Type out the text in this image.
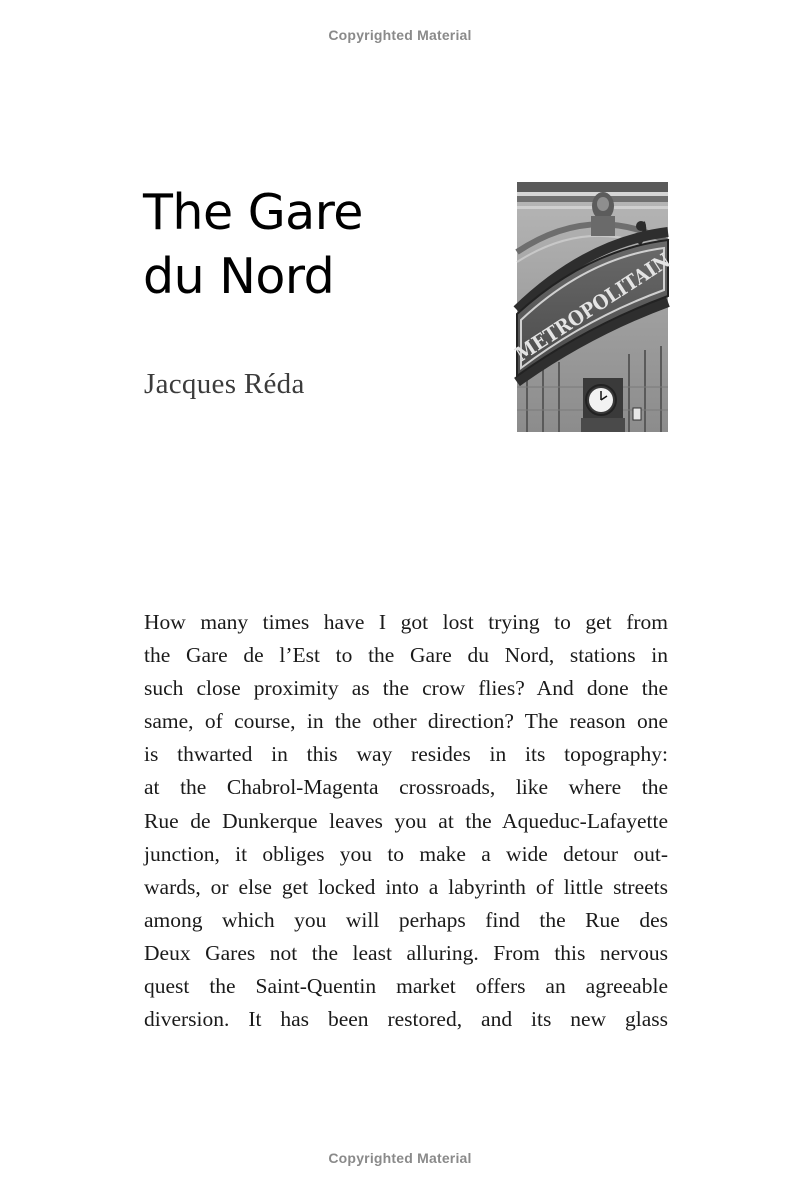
Copyrighted Material
The Gare
du Nord
Jacques Réda
METROPOLITAIN
How many times have I got lost trying to get from
the Gare de l’Est to the Gare du Nord, stations in
such close proximity as the crow flies? And done the
same, of course, in the other direction? The reason one
is thwarted in this way resides in its topography:
at the Chabrol-Magenta crossroads, like where the
Rue de Dunkerque leaves you at the Aqueduc-Lafayette
junction, it obliges you to make a wide detour out-
wards, or else get locked into a labyrinth of little streets
among which you will perhaps find the Rue des
Deux Gares not the least alluring. From this nervous
quest the Saint-Quentin market offers an agreeable
diversion. It has been restored, and its new glass
Copyrighted Material
